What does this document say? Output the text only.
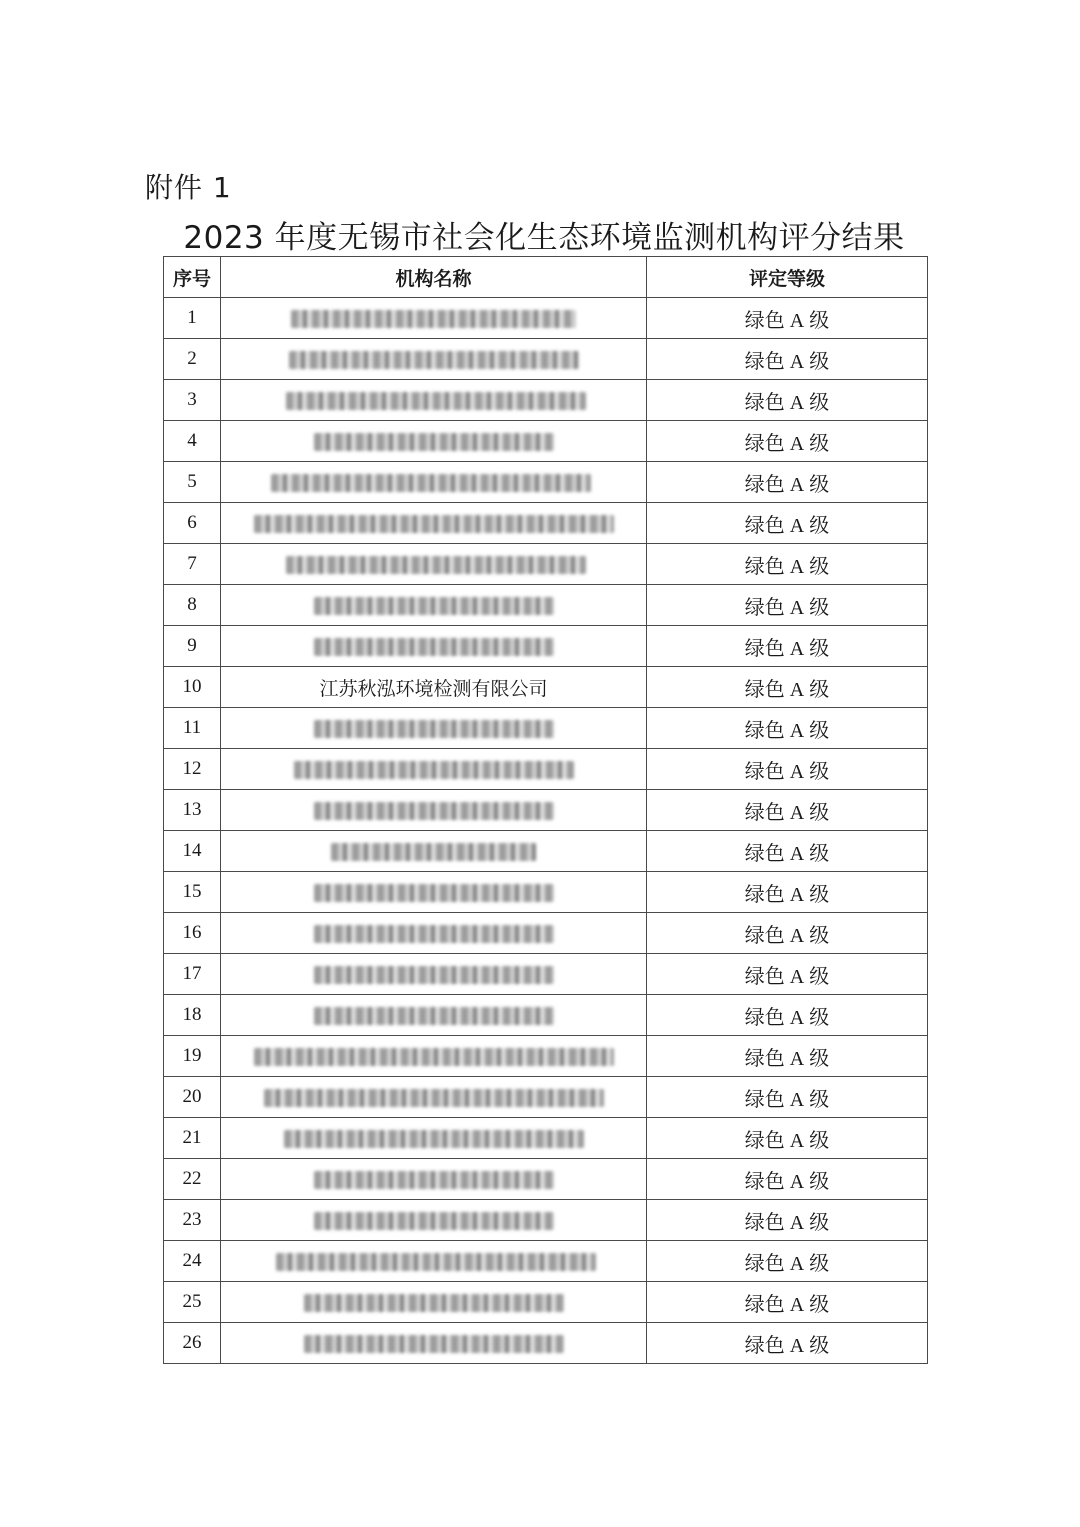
附件 1
2023 年度无锡市社会化生态环境监测机构评分结果
序号	机构名称	评定等级
1		绿色 A 级
2		绿色 A 级
3		绿色 A 级
4		绿色 A 级
5		绿色 A 级
6		绿色 A 级
7		绿色 A 级
8		绿色 A 级
9		绿色 A 级
10	江苏秋泓环境检测有限公司	绿色 A 级
11		绿色 A 级
12		绿色 A 级
13		绿色 A 级
14		绿色 A 级
15		绿色 A 级
16		绿色 A 级
17		绿色 A 级
18		绿色 A 级
19		绿色 A 级
20		绿色 A 级
21		绿色 A 级
22		绿色 A 级
23		绿色 A 级
24		绿色 A 级
25		绿色 A 级
26		绿色 A 级
